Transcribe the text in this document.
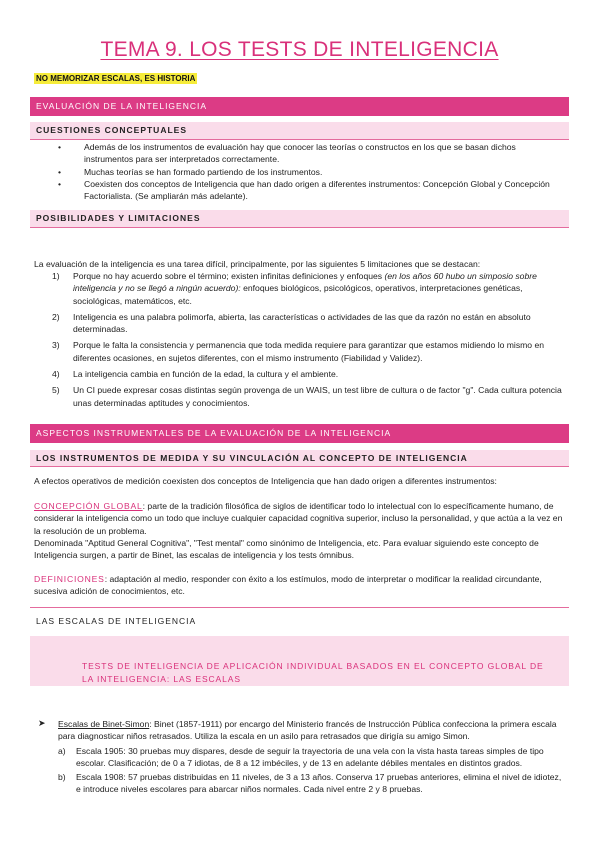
TEMA 9. LOS TESTS DE INTELIGENCIA
NO MEMORIZAR ESCALAS, ES HISTORIA
EVALUACIÓN DE LA INTELIGENCIA
CUESTIONES CONCEPTUALES
• Además de los instrumentos de evaluación hay que conocer las teorías o constructos en los que se basan dichos instrumentos para ser interpretados correctamente.
• Muchas teorías se han formado partiendo de los instrumentos.
• Coexisten dos conceptos de Inteligencia que han dado origen a diferentes instrumentos: Concepción Global y Concepción Factorialista. (Se ampliarán más adelante).
POSIBILIDADES Y LIMITACIONES
La evaluación de la inteligencia es una tarea difícil, principalmente, por las siguientes 5 limitaciones que se destacan:
1) Porque no hay acuerdo sobre el término; existen infinitas definiciones y enfoques (en los años 60 hubo un simposio sobre inteligencia y no se llegó a ningún acuerdo): enfoques biológicos, psicológicos, operativos, interpretaciones genéticas, sociológicas, matemáticos, etc.
2) Inteligencia es una palabra polimorfa, abierta, las características o actividades de las que da razón no están en absoluto determinadas.
3) Porque le falta la consistencia y permanencia que toda medida requiere para garantizar que estamos midiendo lo mismo en diferentes ocasiones, en sujetos diferentes, con el mismo instrumento (Fiabilidad y Validez).
4) La inteligencia cambia en función de la edad, la cultura y el ambiente.
5) Un CI puede expresar cosas distintas según provenga de un WAIS, un test libre de cultura o de factor "g". Cada cultura potencia unas determinadas aptitudes y conocimientos.
ASPECTOS INSTRUMENTALES DE LA EVALUACIÓN DE LA INTELIGENCIA
LOS INSTRUMENTOS DE MEDIDA Y SU VINCULACIÓN AL CONCEPTO DE INTELIGENCIA
A efectos operativos de medición coexisten dos conceptos de Inteligencia que han dado origen a diferentes instrumentos:
CONCEPCIÓN GLOBAL: parte de la tradición filosófica de siglos de identificar todo lo intelectual con lo específicamente humano, de considerar la inteligencia como un todo que incluye cualquier capacidad cognitiva superior, incluso la personalidad, y que actúa a la vez en la resolución de un problema.
Denominada "Aptitud General Cognitiva", "Test mental" como sinónimo de Inteligencia, etc. Para evaluar siguiendo este concepto de Inteligencia surgen, a partir de Binet, las escalas de inteligencia y los tests ómnibus.
DEFINICIONES: adaptación al medio, responder con éxito a los estímulos, modo de interpretar o modificar la realidad circundante, sucesiva adición de conocimientos, etc.
LAS ESCALAS DE INTELIGENCIA
TESTS DE INTELIGENCIA DE APLICACIÓN INDIVIDUAL BASADOS EN EL CONCEPTO GLOBAL DE LA INTELIGENCIA: LAS ESCALAS
➤	Escalas de Binet-Simon: Binet (1857-1911) por encargo del Ministerio francés de Instrucción Pública confecciona la primera escala para diagnosticar niños retrasados. Utiliza la escala en un asilo para retrasados que dirigía su amigo Simon.
a) Escala 1905: 30 pruebas muy dispares, desde de seguir la trayectoria de una vela con la vista hasta tareas simples de tipo escolar. Clasificación; de 0 a 7 idiotas, de 8 a 12 imbéciles, y de 13 en adelante débiles mentales en distintos grados.
b) Escala 1908: 57 pruebas distribuidas en 11 niveles, de 3 a 13 años. Conserva 17 pruebas anteriores, elimina el nivel de idiotez, e introduce niveles escolares para abarcar niños normales. Cada nivel entre 2 y 8 pruebas.
